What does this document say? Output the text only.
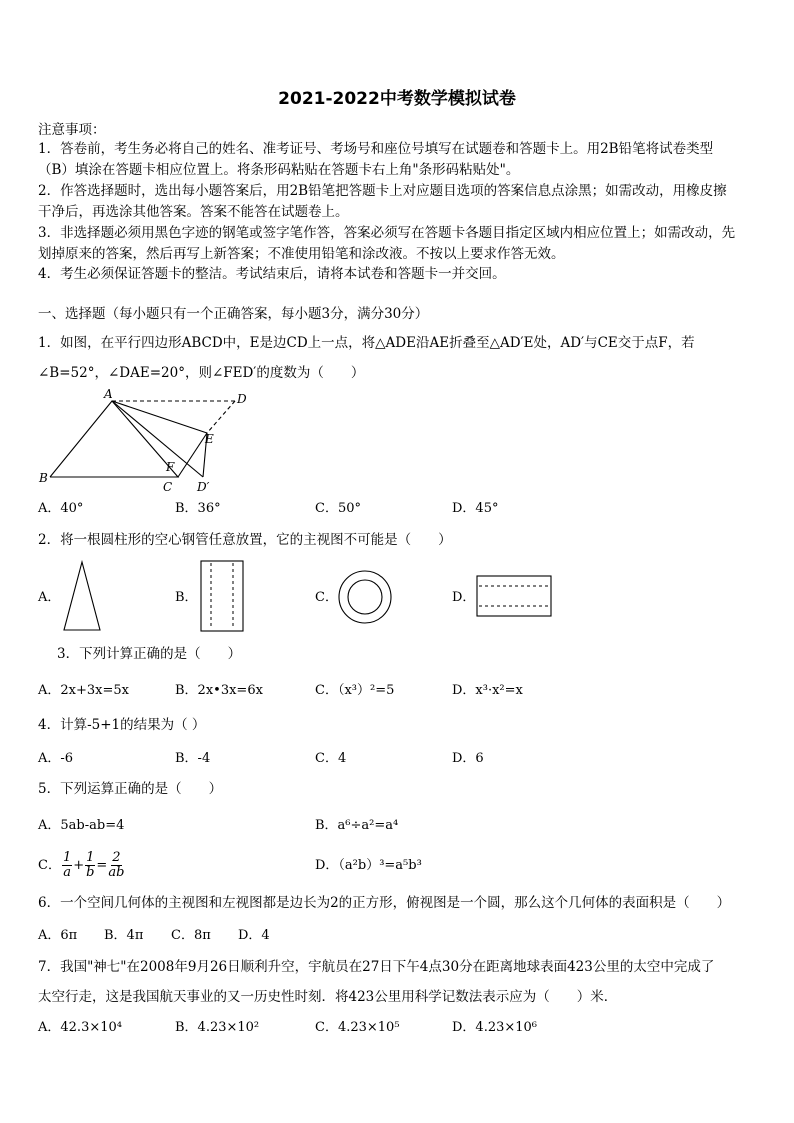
2021-2022中考数学模拟试卷
注意事项：
1．答卷前，考生务必将自己的姓名、准考证号、考场号和座位号填写在试题卷和答题卡上。用2B铅笔将试卷类型
（B）填涂在答题卡相应位置上。将条形码粘贴在答题卡右上角"条形码粘贴处"。
2．作答选择题时，选出每小题答案后，用2B铅笔把答题卡上对应题目选项的答案信息点涂黑；如需改动，用橡皮擦
干净后，再选涂其他答案。答案不能答在试题卷上。
3．非选择题必须用黑色字迹的钢笔或签字笔作答，答案必须写在答题卡各题目指定区域内相应位置上；如需改动，先
划掉原来的答案，然后再写上新答案；不准使用铅笔和涂改液。不按以上要求作答无效。
4．考生必须保证答题卡的整洁。考试结束后，请将本试卷和答题卡一并交回。
一、选择题（每小题只有一个正确答案，每小题3分，满分30分）
1．如图，在平行四边形ABCD中，E是边CD上一点，将△ADE沿AE折叠至△AD′E处，AD′与CE交于点F，若
∠B=52°，∠DAE=20°，则∠FED′的度数为（　　）
A
B
C
D
E
F
D′
A．40°	B．36°	C．50°	D．45°
2．将一根圆柱形的空心钢管任意放置，它的主视图不可能是（　　）
A．	B．	C．	D．
3．下列计算正确的是（　　）
A．2x+3x=5x	B．2x•3x=6x	C．（x³）²=5	D．x³·x²=x
4．计算-5+1的结果为（ ）
A．-6	B．-4	C．4	D．6
5．下列运算正确的是（　　）
A．5ab-ab=4	B．a⁶÷a²=a⁴
C． $\frac{1}{a} + \frac{1}{b} = \frac{2}{ab}$	D．（a²b）³=a⁵b³
6．一个空间几何体的主视图和左视图都是边长为2的正方形，俯视图是一个圆，那么这个几何体的表面积是（　　）
A．6π B．4π C．8π D．4
7．我国"神七"在2008年9月26日顺利升空，宇航员在27日下午4点30分在距离地球表面423公里的太空中完成了
太空行走，这是我国航天事业的又一历史性时刻．将423公里用科学记数法表示应为（　　）米．
A．42.3×10⁴	B．4.23×10²	C．4.23×10⁵	D．4.23×10⁶
